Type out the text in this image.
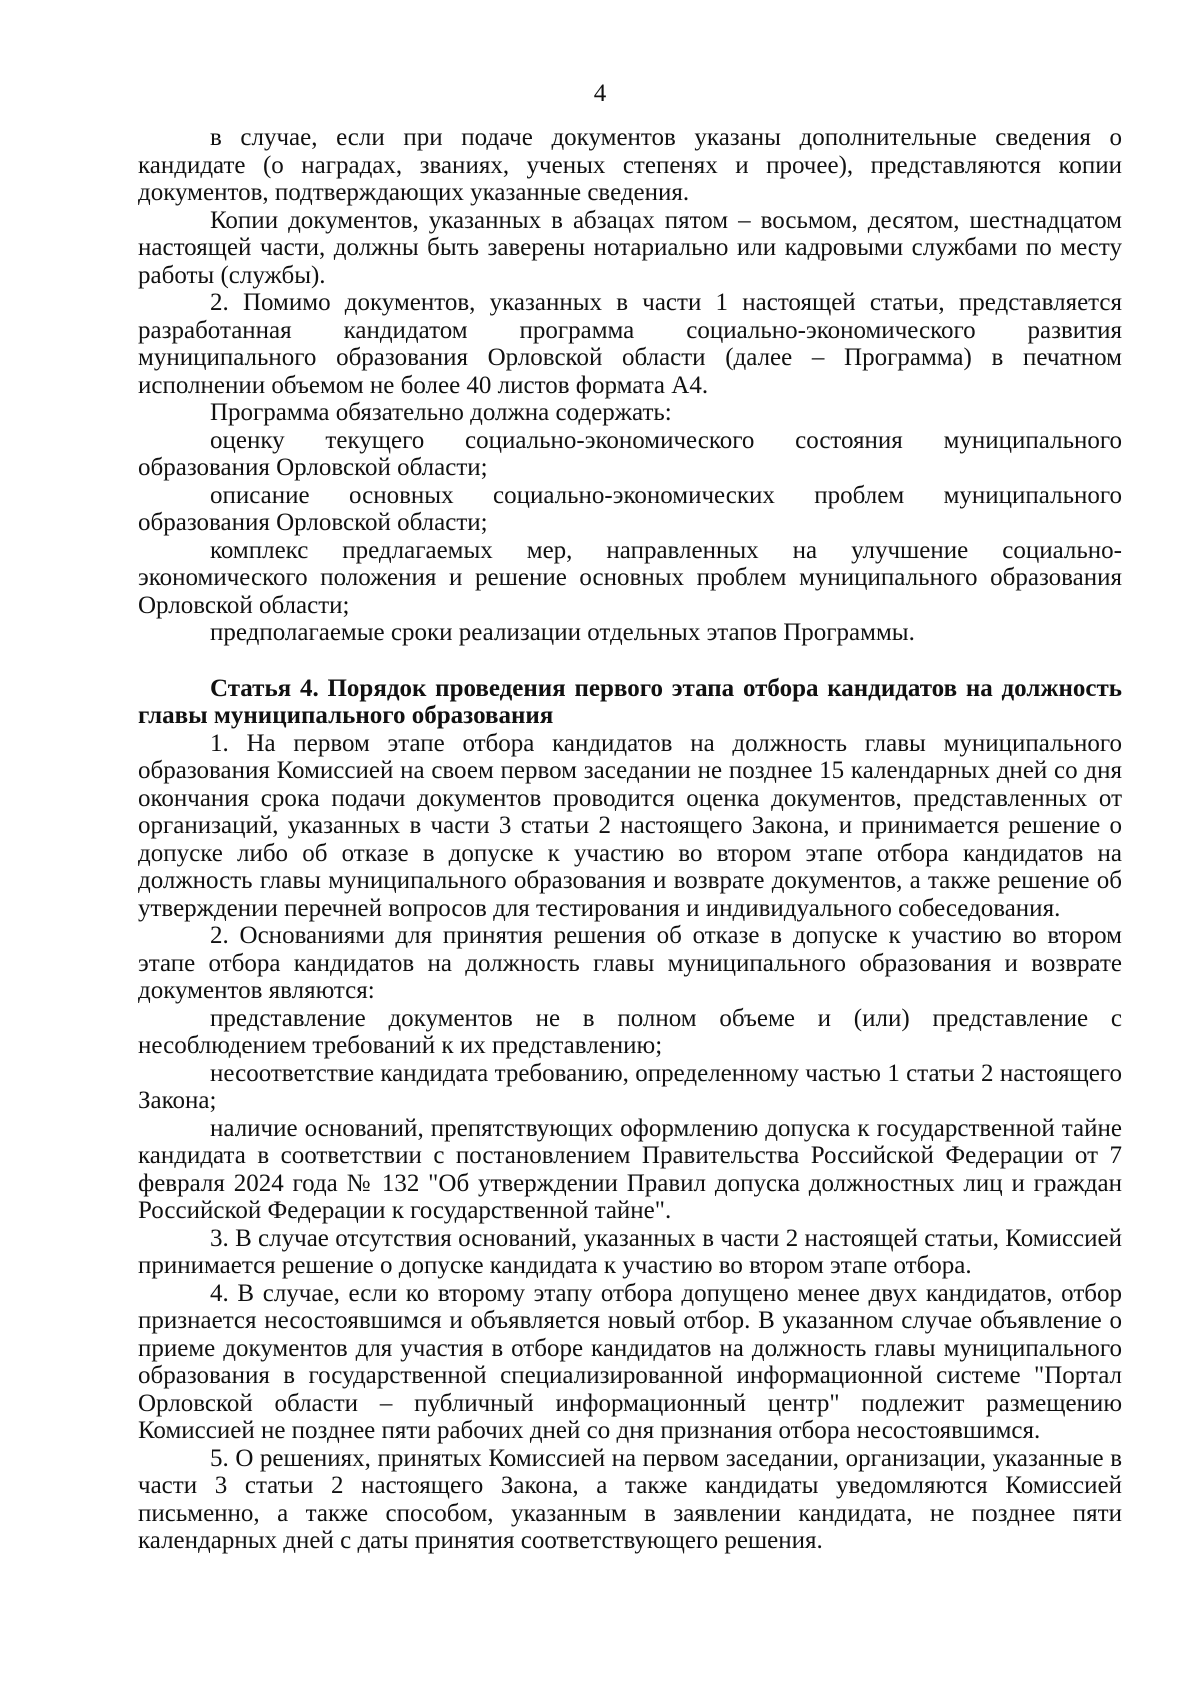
4

в случае, если при подаче документов указаны дополнительные сведения о кандидате (о наградах, званиях, ученых степенях и прочее), представляются копии документов, подтверждающих указанные сведения.

Копии документов, указанных в абзацах пятом – восьмом, десятом, шестнадцатом настоящей части, должны быть заверены нотариально или кадровыми службами по месту работы (службы).

2. Помимо документов, указанных в части 1 настоящей статьи, представляется разработанная кандидатом программа социально-экономического развития муниципального образования Орловской области (далее – Программа) в печатном исполнении объемом не более 40 листов формата А4.

Программа обязательно должна содержать:

оценку текущего социально-экономического состояния муниципального образования Орловской области;

описание основных социально-экономических проблем муниципального образования Орловской области;

комплекс предлагаемых мер, направленных на улучшение социально-экономического положения и решение основных проблем муниципального образования Орловской области;

предполагаемые сроки реализации отдельных этапов Программы.

Статья 4. Порядок проведения первого этапа отбора кандидатов на должность главы муниципального образования

1. На первом этапе отбора кандидатов на должность главы муниципального образования Комиссией на своем первом заседании не позднее 15 календарных дней со дня окончания срока подачи документов проводится оценка документов, представленных от организаций, указанных в части 3 статьи 2 настоящего Закона, и принимается решение о допуске либо об отказе в допуске к участию во втором этапе отбора кандидатов на должность главы муниципального образования и возврате документов, а также решение об утверждении перечней вопросов для тестирования и индивидуального собеседования.

2. Основаниями для принятия решения об отказе в допуске к участию во втором этапе отбора кандидатов на должность главы муниципального образования и возврате документов являются:

представление документов не в полном объеме и (или) представление с несоблюдением требований к их представлению;

несоответствие кандидата требованию, определенному частью 1 статьи 2 настоящего Закона;

наличие оснований, препятствующих оформлению допуска к государственной тайне кандидата в соответствии с постановлением Правительства Российской Федерации от 7 февраля 2024 года № 132 "Об утверждении Правил допуска должностных лиц и граждан Российской Федерации к государственной тайне".

3. В случае отсутствия оснований, указанных в части 2 настоящей статьи, Комиссией принимается решение о допуске кандидата к участию во втором этапе отбора.

4. В случае, если ко второму этапу отбора допущено менее двух кандидатов, отбор признается несостоявшимся и объявляется новый отбор. В указанном случае объявление о приеме документов для участия в отборе кандидатов на должность главы муниципального образования в государственной специализированной информационной системе "Портал Орловской области – публичный информационный центр" подлежит размещению Комиссией не позднее пяти рабочих дней со дня признания отбора несостоявшимся.

5. О решениях, принятых Комиссией на первом заседании, организации, указанные в части 3 статьи 2 настоящего Закона, а также кандидаты уведомляются Комиссией письменно, а также способом, указанным в заявлении кандидата, не позднее пяти календарных дней с даты принятия соответствующего решения.
